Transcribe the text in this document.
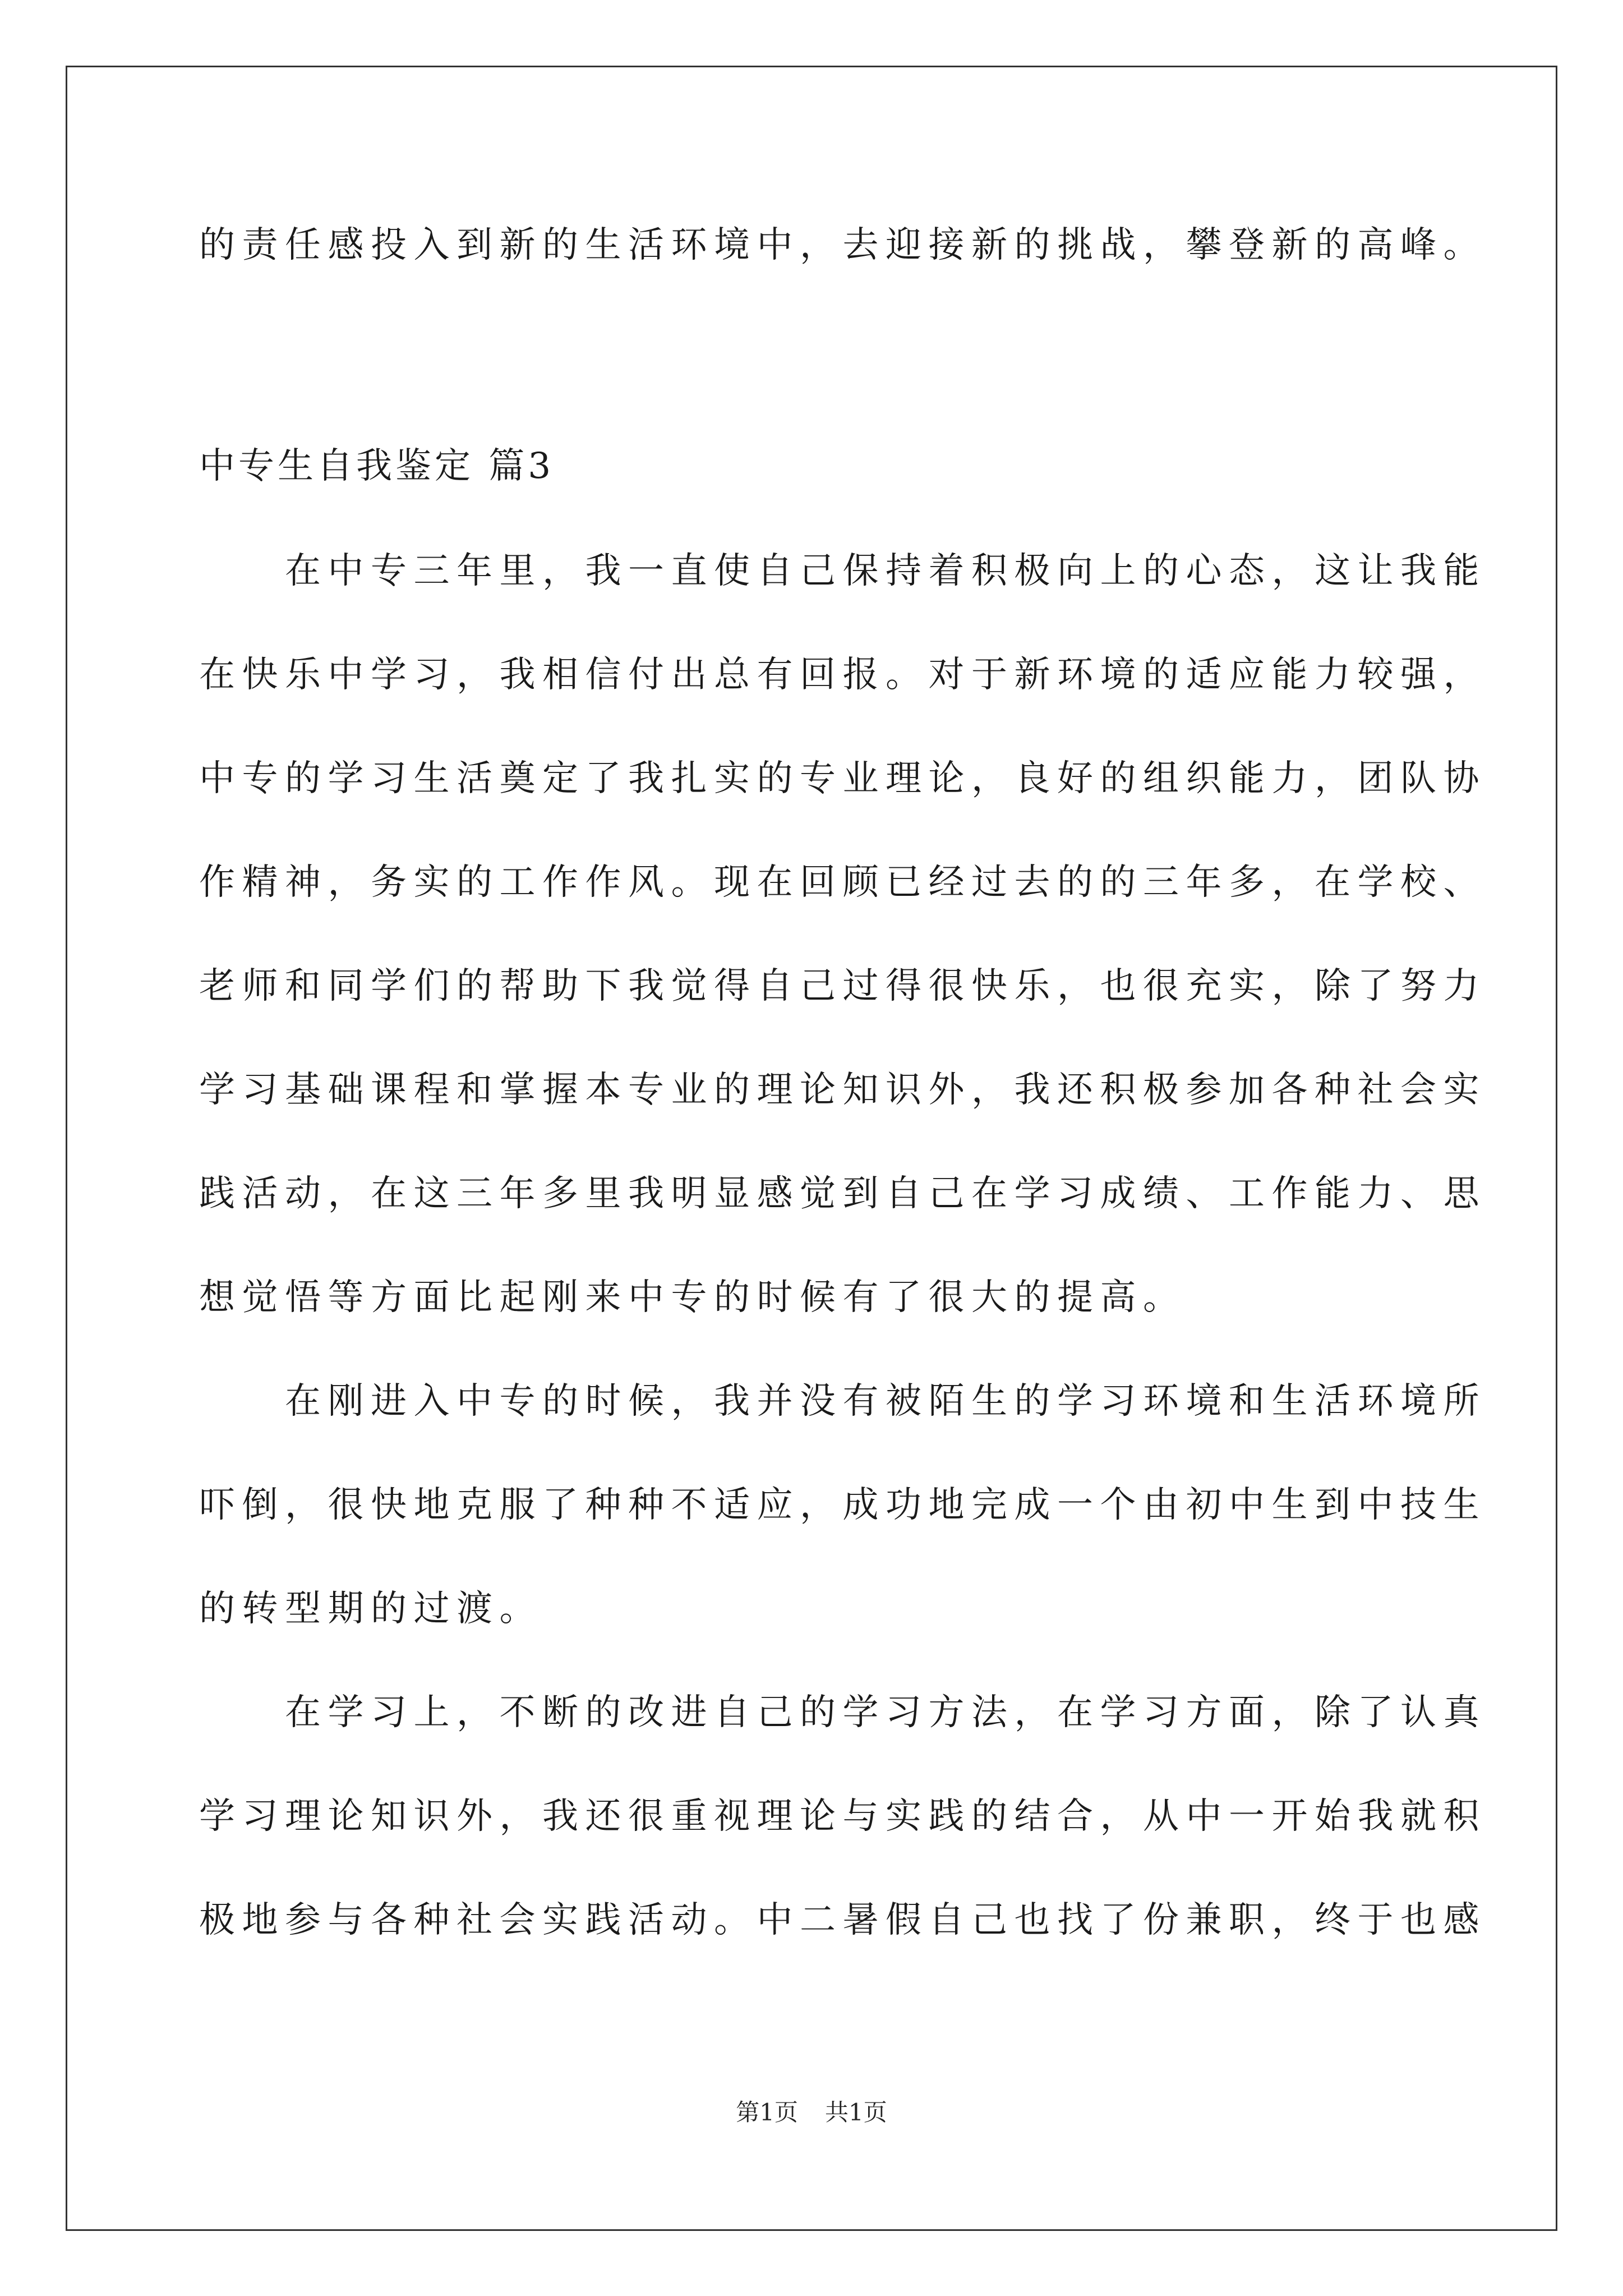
的责任感投入到新的生活环境中，去迎接新的挑战，攀登新的高峰。
中专生自我鉴定 篇3
　　在中专三年里，我一直使自己保持着积极向上的心态，这让我能
在快乐中学习，我相信付出总有回报。对于新环境的适应能力较强，
中专的学习生活奠定了我扎实的专业理论，良好的组织能力，团队协
作精神，务实的工作作风。现在回顾已经过去的的三年多，在学校、
老师和同学们的帮助下我觉得自己过得很快乐，也很充实，除了努力
学习基础课程和掌握本专业的理论知识外，我还积极参加各种社会实
践活动，在这三年多里我明显感觉到自己在学习成绩、工作能力、思
想觉悟等方面比起刚来中专的时候有了很大的提高。
　　在刚进入中专的时候，我并没有被陌生的学习环境和生活环境所
吓倒，很快地克服了种种不适应，成功地完成一个由初中生到中技生
的转型期的过渡。
　　在学习上，不断的改进自己的学习方法，在学习方面，除了认真
学习理论知识外，我还很重视理论与实践的结合，从中一开始我就积
极地参与各种社会实践活动。中二暑假自己也找了份兼职，终于也感
第1页 共1页
